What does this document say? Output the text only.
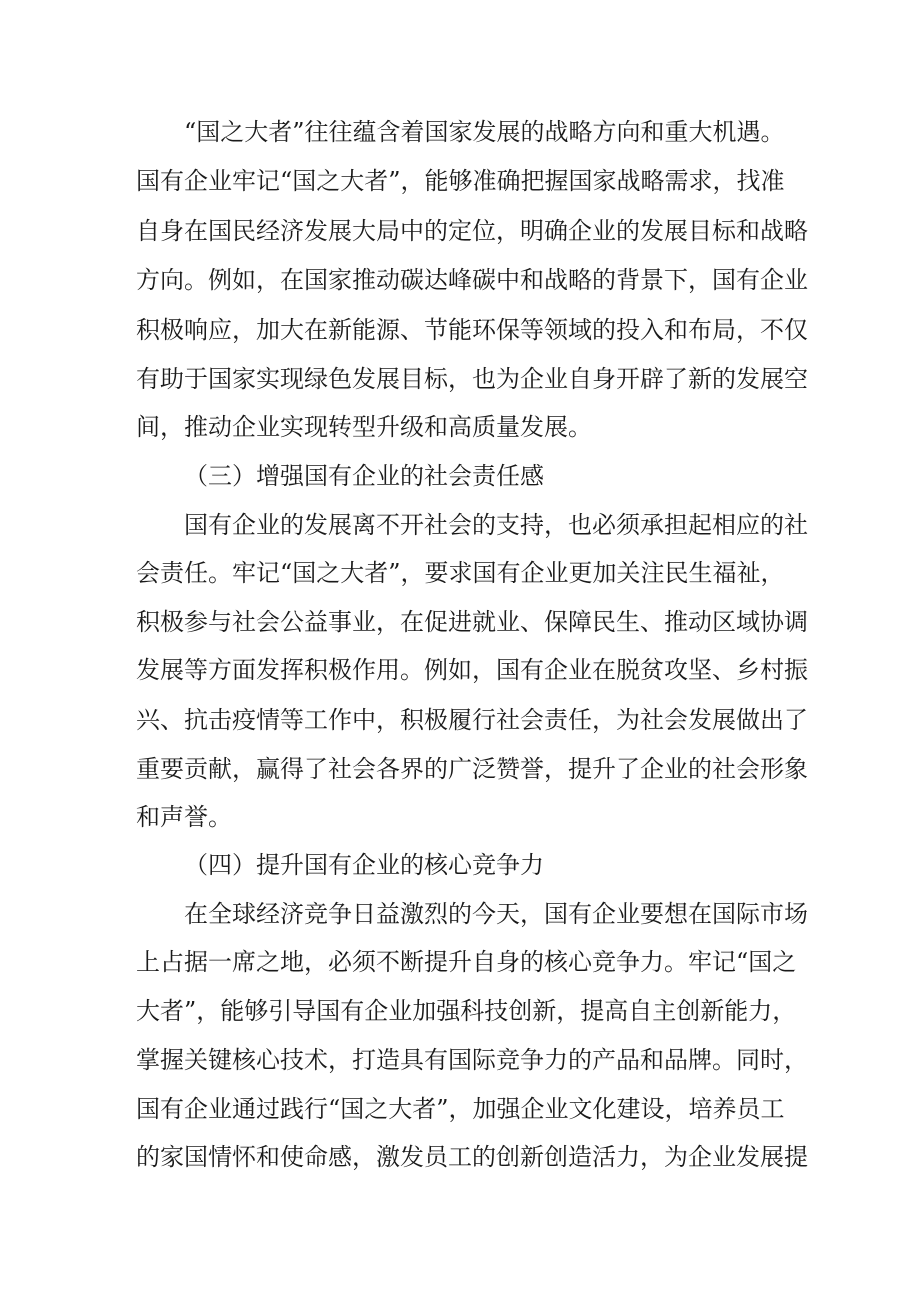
“国之大者”往往蕴含着国家发展的战略方向和重大机遇。
国有企业牢记“国之大者”，能够准确把握国家战略需求，找准
自身在国民经济发展大局中的定位，明确企业的发展目标和战略
方向。例如，在国家推动碳达峰碳中和战略的背景下，国有企业
积极响应，加大在新能源、节能环保等领域的投入和布局，不仅
有助于国家实现绿色发展目标，也为企业自身开辟了新的发展空
间，推动企业实现转型升级和高质量发展。
（三）增强国有企业的社会责任感
国有企业的发展离不开社会的支持，也必须承担起相应的社
会责任。牢记“国之大者”，要求国有企业更加关注民生福祉，
积极参与社会公益事业，在促进就业、保障民生、推动区域协调
发展等方面发挥积极作用。例如，国有企业在脱贫攻坚、乡村振
兴、抗击疫情等工作中，积极履行社会责任，为社会发展做出了
重要贡献，赢得了社会各界的广泛赞誉，提升了企业的社会形象
和声誉。
（四）提升国有企业的核心竞争力
在全球经济竞争日益激烈的今天，国有企业要想在国际市场
上占据一席之地，必须不断提升自身的核心竞争力。牢记“国之
大者”，能够引导国有企业加强科技创新，提高自主创新能力，
掌握关键核心技术，打造具有国际竞争力的产品和品牌。同时，
国有企业通过践行“国之大者”，加强企业文化建设，培养员工
的家国情怀和使命感，激发员工的创新创造活力，为企业发展提
